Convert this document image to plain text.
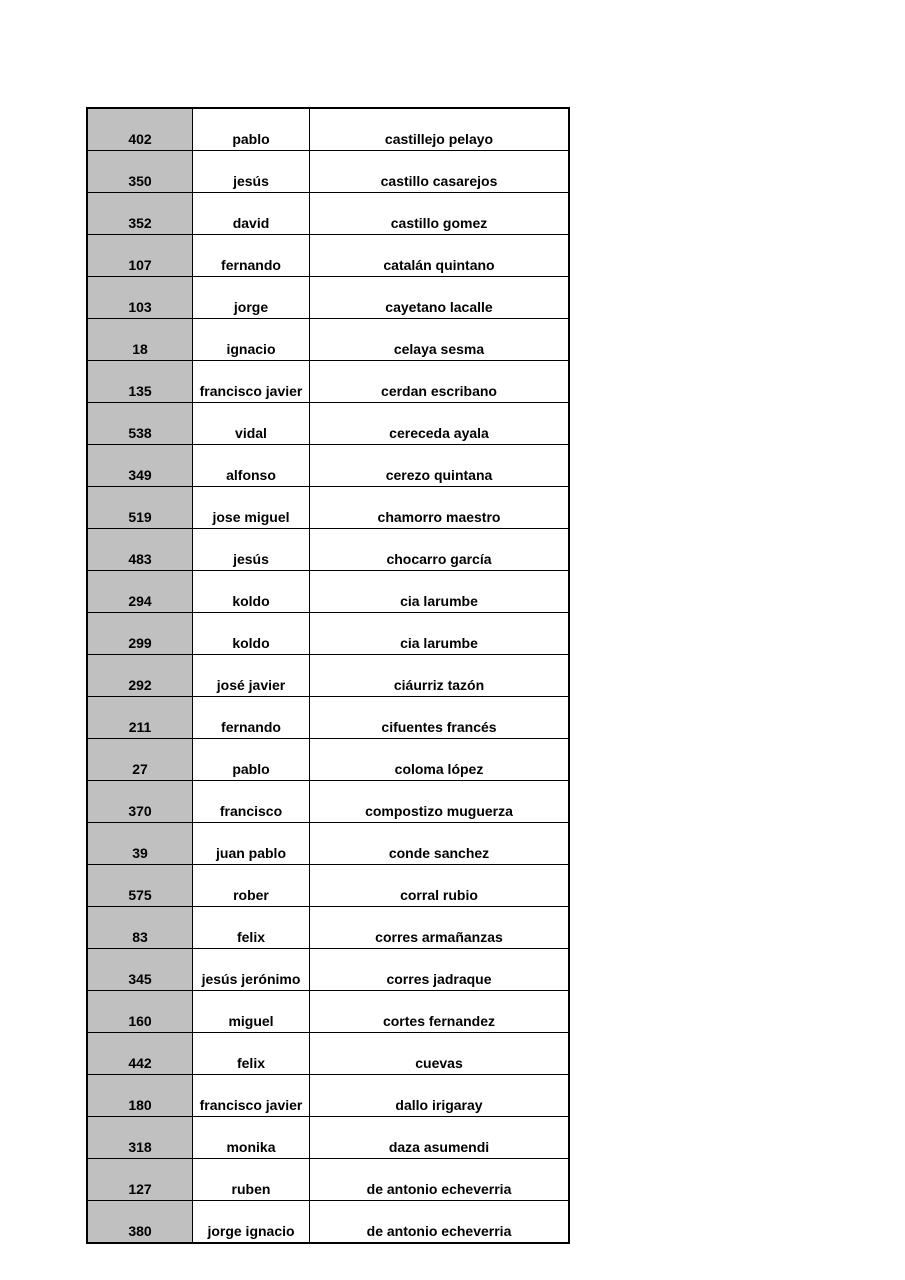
402	pablo	castillejo pelayo
350	jesús	castillo casarejos
352	david	castillo gomez
107	fernando	catalán quintano
103	jorge	cayetano lacalle
18	ignacio	celaya sesma
135	francisco javier	cerdan escribano
538	vidal	cereceda ayala
349	alfonso	cerezo quintana
519	jose miguel	chamorro maestro
483	jesús	chocarro garcía
294	koldo	cia larumbe
299	koldo	cia larumbe
292	josé javier	ciáurriz tazón
211	fernando	cifuentes francés
27	pablo	coloma lópez
370	francisco	compostizo muguerza
39	juan pablo	conde sanchez
575	rober	corral rubio
83	felix	corres armañanzas
345	jesús jerónimo	corres jadraque
160	miguel	cortes fernandez
442	felix	cuevas
180	francisco javier	dallo irigaray
318	monika	daza asumendi
127	ruben	de antonio echeverria
380	jorge ignacio	de antonio echeverria
